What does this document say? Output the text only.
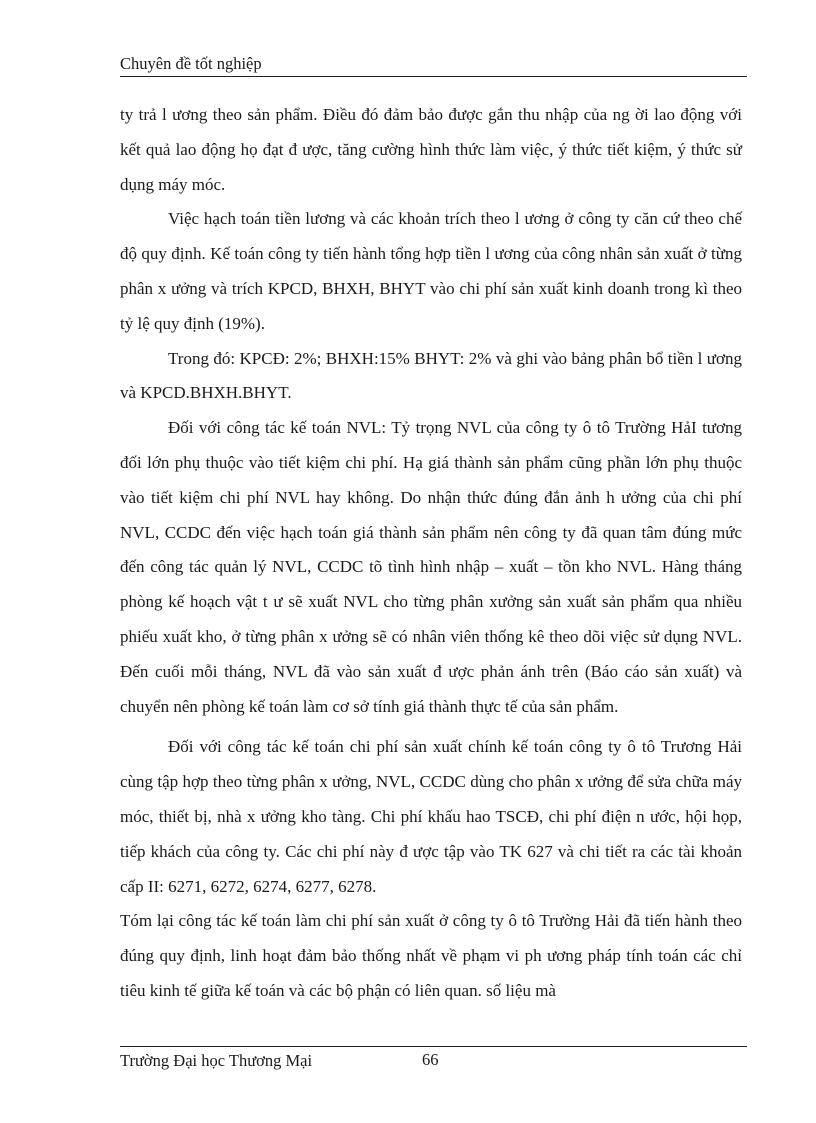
Chuyên đề tốt nghiệp

ty trả l ương theo sản phẩm. Điều đó đảm bảo được gắn thu nhập của ng ời lao động với kết quả lao động họ đạt đ ược, tăng cường hình thức làm việc, ý thức tiết kiệm, ý thức sử dụng máy móc.

Việc hạch toán tiền lương và các khoản trích theo l ương ở công ty căn cứ theo chế độ quy định. Kế toán công ty tiến hành tổng hợp tiền l ương của công nhân sản xuất ở từng phân x ưởng và trích KPCD, BHXH, BHYT vào chi phí sản xuất kinh doanh trong kì theo tỷ lệ quy định (19%).

Trong đó: KPCĐ: 2%; BHXH:15% BHYT: 2% và ghi vào bảng phân bổ tiền l ương và KPCD.BHXH.BHYT.

Đối với công tác kế toán NVL: Tỷ trọng NVL của công ty ô tô Trường HảI tương đối lớn phụ thuộc vào tiết kiệm chi phí. Hạ giá thành sản phẩm cũng phần lớn phụ thuộc vào tiết kiệm chi phí NVL hay không. Do nhận thức đúng đắn ảnh h ưởng của chi phí NVL, CCDC đến việc hạch toán giá thành sản phẩm nên công ty đã quan tâm đúng mức đến công tác quản lý NVL, CCDC tõ tình hình nhập – xuất – tồn kho NVL. Hàng tháng phòng kế hoạch vật t ư sẽ xuất NVL cho từng phân xưởng sản xuất sản phẩm qua nhiều phiếu xuất kho, ở từng phân x ưởng sẽ có nhân viên thống kê theo dõi việc sử dụng NVL. Đến cuối mỗi tháng, NVL đã vào sản xuất đ ược phản ánh trên (Báo cáo sản xuất) và chuyển nên phòng kế toán làm cơ sở tính giá thành thực tế của sản phẩm.

Đối với công tác kế toán chi phí sản xuất chính kế toán công ty ô tô Trương Hải cùng tập hợp theo từng phân x ưởng, NVL, CCDC dùng cho phân x ưởng để sửa chữa máy móc, thiết bị, nhà x ưởng kho tàng. Chi phí khấu hao TSCĐ, chi phí điện n ước, hội họp, tiếp khách của công ty. Các chi phí này đ ược tập vào TK 627 và chi tiết ra các tài khoản cấp II: 6271, 6272, 6274, 6277, 6278.

Tóm lại công tác kế toán làm chi phí sản xuất ở công ty ô tô Trường Hải đã tiến hành theo đúng quy định, linh hoạt đảm bảo thống nhất về phạm vi ph ương pháp tính toán các chỉ tiêu kinh tế giữa kế toán và các bộ phận có liên quan. số liệu mà

Trường Đại học Thương Mại	66
